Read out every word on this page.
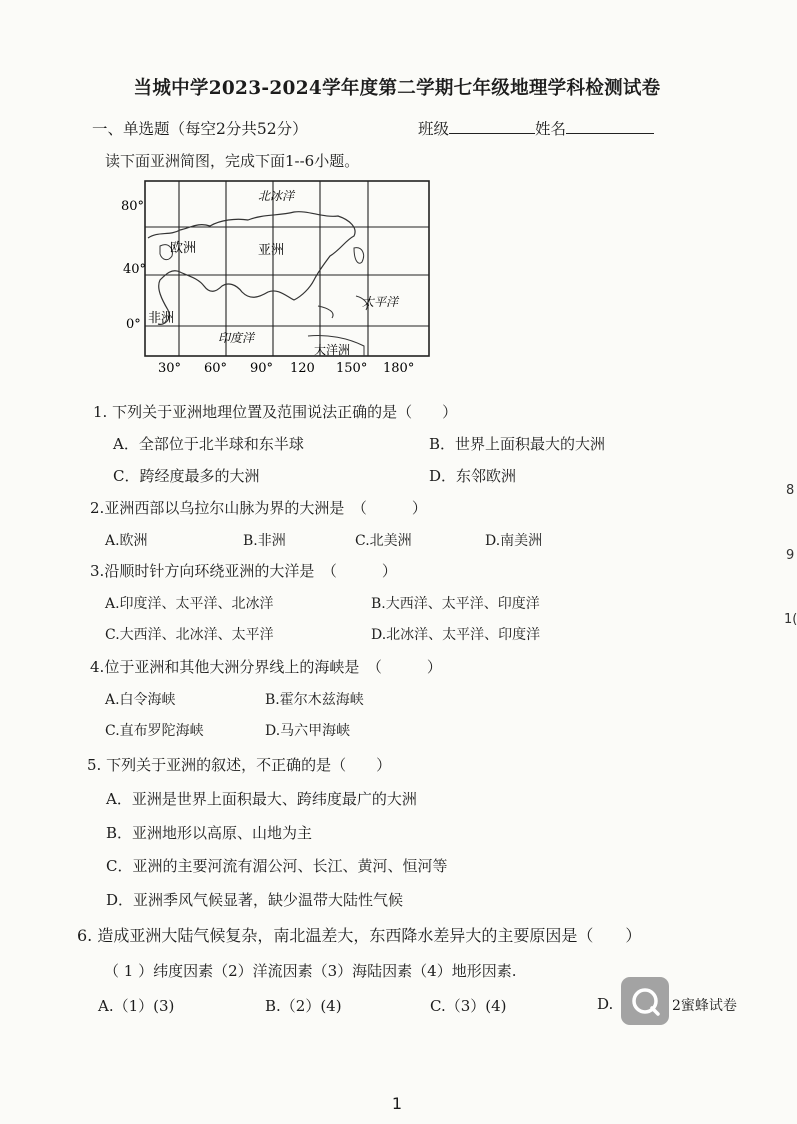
当城中学2023-2024学年度第二学期七年级地理学科检测试卷
一、单选题（每空2分共52分）	班级	姓名
读下面亚洲简图，完成下面1--6小题。
80°
40°
0°
30° 60° 90° 120 150° 180°
北冰洋
欧洲	亚洲
太平洋
非洲
印度洋
大洋洲
1. 下列关于亚洲地理位置及范围说法正确的是（　　）
A．全部位于北半球和东半球	B．世界上面积最大的大洲
C．跨经度最多的大洲	D．东邻欧洲
2.亚洲西部以乌拉尔山脉为界的大洲是　（　　　）
A.欧洲	B.非洲	C.北美洲	D.南美洲
3.沿顺时针方向环绕亚洲的大洋是　（　　　）
A.印度洋、太平洋、北冰洋	B.大西洋、太平洋、印度洋
C.大西洋、北冰洋、太平洋	D.北冰洋、太平洋、印度洋
4.位于亚洲和其他大洲分界线上的海峡是　（　　　）
A.白令海峡	B.霍尔木兹海峡
C.直布罗陀海峡	D.马六甲海峡
5. 下列关于亚洲的叙述，不正确的是（　　）
A．亚洲是世界上面积最大、跨纬度最广的大洲
B．亚洲地形以高原、山地为主
C．亚洲的主要河流有湄公河、长江、黄河、恒河等
D．亚洲季风气候显著，缺少温带大陆性气候
6. 造成亚洲大陆气候复杂，南北温差大，东西降水差异大的主要原因是（　　）
（ 1 ）纬度因素（2）洋流因素（3）海陆因素（4）地形因素.
A.（1）(3)	B.（2）(4)	C.（3）(4)	D.	2蜜蜂试卷
8
9
1(
1
